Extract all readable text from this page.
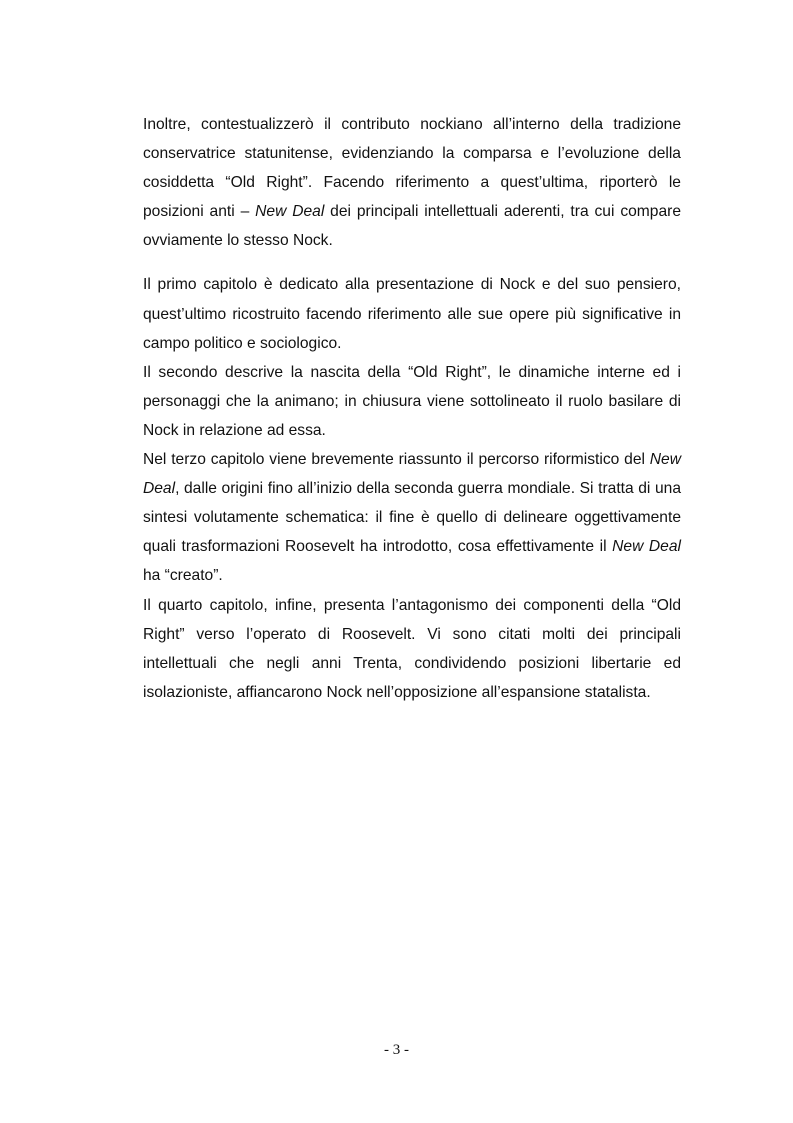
Inoltre, contestualizzerò il contributo nockiano all’interno della tradizione conservatrice statunitense, evidenziando la comparsa e l’evoluzione della cosiddetta “Old Right”. Facendo riferimento a quest’ultima, riporterò le posizioni anti – New Deal dei principali intellettuali aderenti, tra cui compare ovviamente lo stesso Nock.

Il primo capitolo è dedicato alla presentazione di Nock e del suo pensiero, quest’ultimo ricostruito facendo riferimento alle sue opere più significative in campo politico e sociologico.

Il secondo descrive la nascita della “Old Right”, le dinamiche interne ed i personaggi che la animano; in chiusura viene sottolineato il ruolo basilare di Nock in relazione ad essa.

Nel terzo capitolo viene brevemente riassunto il percorso riformistico del New Deal, dalle origini fino all’inizio della seconda guerra mondiale. Si tratta di una sintesi volutamente schematica: il fine è quello di delineare oggettivamente quali trasformazioni Roosevelt ha introdotto, cosa effettivamente il New Deal ha “creato”.

Il quarto capitolo, infine, presenta l’antagonismo dei componenti della “Old Right” verso l’operato di Roosevelt. Vi sono citati molti dei principali intellettuali che negli anni Trenta, condividendo posizioni libertarie ed isolazioniste, affiancarono Nock nell’opposizione all’espansione statalista.

- 3 -
